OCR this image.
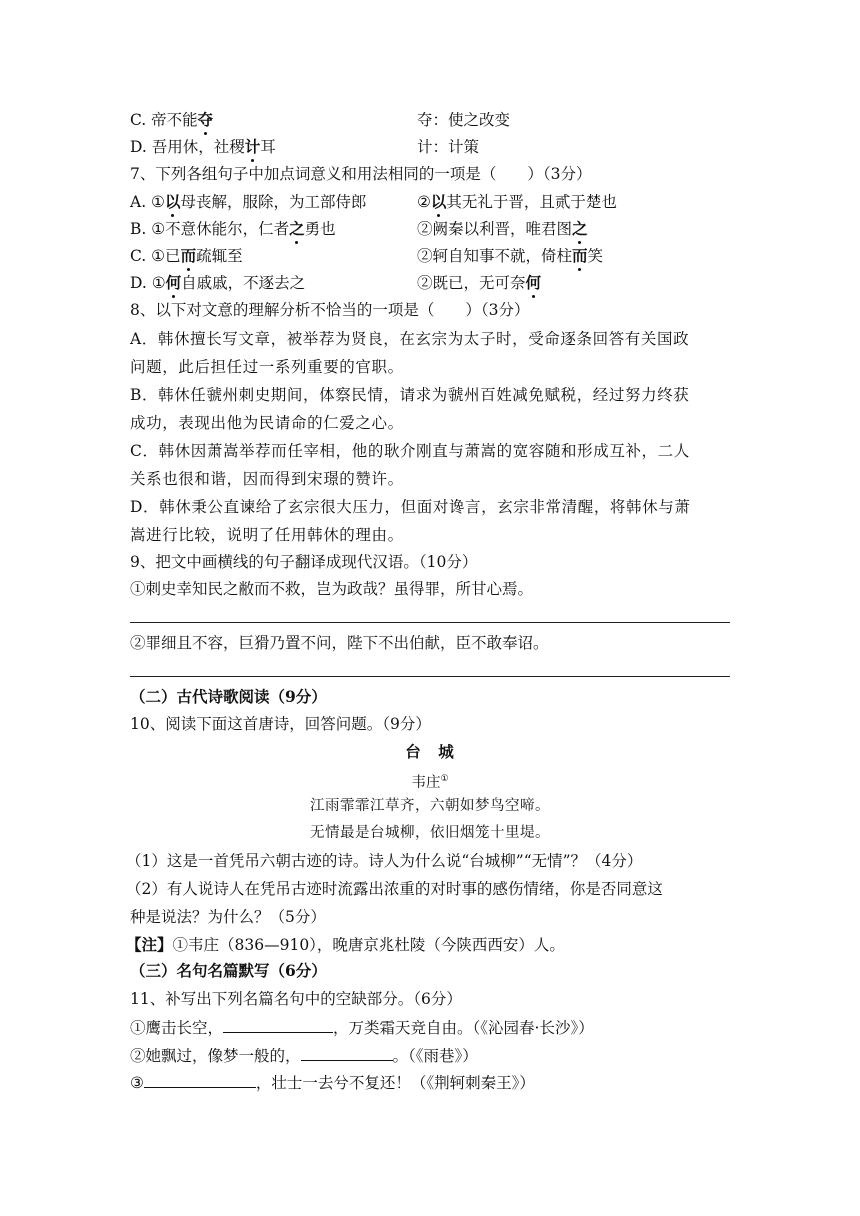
C. 帝不能夺	夺：使之改变
D. 吾用休，社稷计耳	计：计策
7、下列各组句子中加点词意义和用法相同的一项是（　　）（3分）
A. ①以母丧解，服除，为工部侍郎	②以其无礼于晋，且贰于楚也
B. ①不意休能尔，仁者之勇也	②阙秦以利晋，唯君图之
C. ①已而疏辄至	②轲自知事不就，倚柱而笑
D. ①何自戚戚，不逐去之	②既已，无可奈何
8、以下对文意的理解分析不恰当的一项是（　　）（3分）
A．韩休擅长写文章，被举荐为贤良，在玄宗为太子时，受命逐条回答有关国政
问题，此后担任过一系列重要的官职。
B．韩休任虢州刺史期间，体察民情，请求为虢州百姓减免赋税，经过努力终获
成功，表现出他为民请命的仁爱之心。
C．韩休因萧嵩举荐而任宰相，他的耿介刚直与萧嵩的宽容随和形成互补，二人
关系也很和谐，因而得到宋璟的赞许。
D．韩休秉公直谏给了玄宗很大压力，但面对谗言，玄宗非常清醒，将韩休与萧
嵩进行比较，说明了任用韩休的理由。
9、把文中画横线的句子翻译成现代汉语。（10分）
①刺史幸知民之敝而不救，岂为政哉？虽得罪，所甘心焉。
②罪细且不容，巨猾乃置不问，陛下不出伯献，臣不敢奉诏。
（二）古代诗歌阅读（9分）
10、阅读下面这首唐诗，回答问题。（9分）
台　城
韦庄①
江雨霏霏江草齐，六朝如梦鸟空啼。
无情最是台城柳，依旧烟笼十里堤。
（1）这是一首凭吊六朝古迹的诗。诗人为什么说“台城柳”“无情”？（4分）
（2）有人说诗人在凭吊古迹时流露出浓重的对时事的感伤情绪，你是否同意这
种是说法？为什么？（5分）
【注】①韦庄（836—910），晚唐京兆杜陵（今陕西西安）人。
（三）名句名篇默写（6分）
11、补写出下列名篇名句中的空缺部分。（6分）
①鹰击长空，	，万类霜天竞自由。（《沁园春·长沙》）
②她飘过，像梦一般的，	。（《雨巷》）
③	，壮士一去兮不复还！（《荆轲刺秦王》）
